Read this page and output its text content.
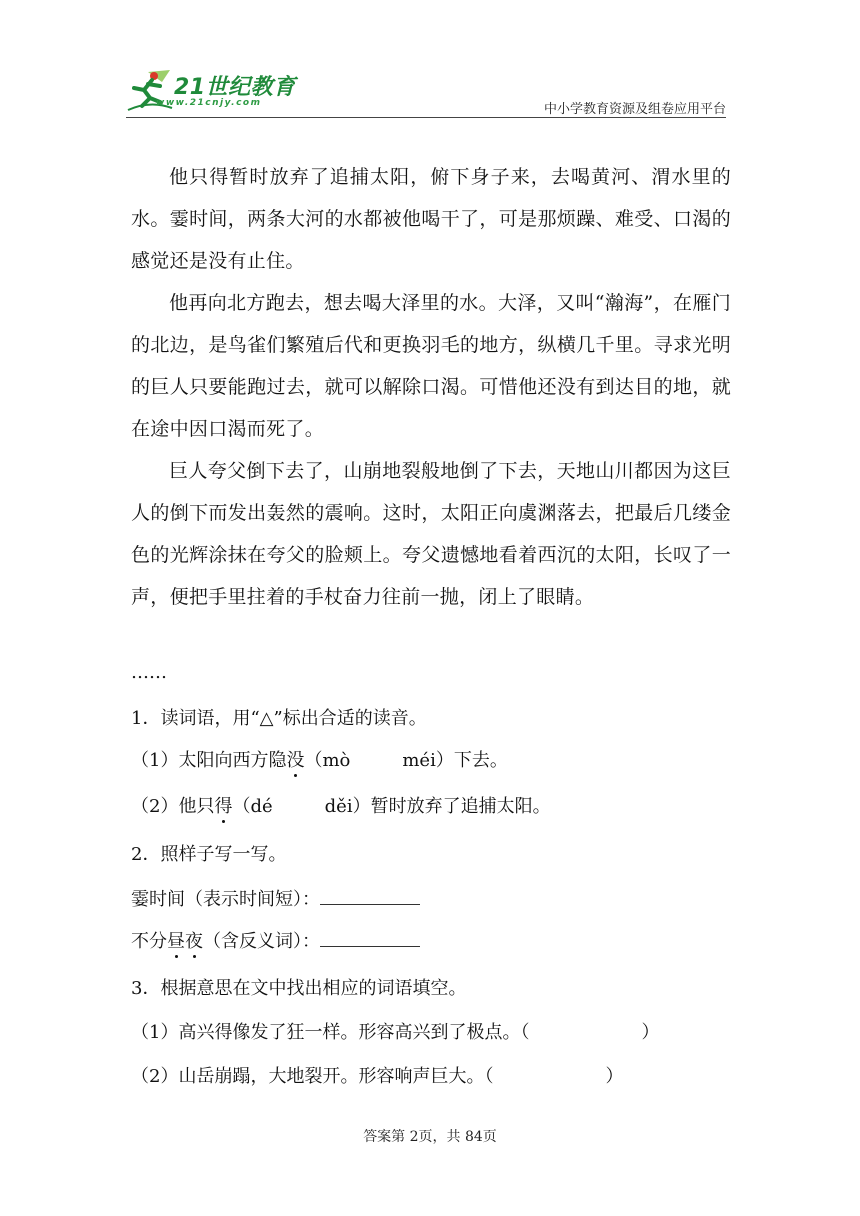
21世纪教育
www.21cnjy.com	中小学教育资源及组卷应用平台

他只得暂时放弃了追捕太阳，俯下身子来，去喝黄河、渭水里的水。霎时间，两条大河的水都被他喝干了，可是那烦躁、难受、口渴的感觉还是没有止住。

他再向北方跑去，想去喝大泽里的水。大泽，又叫“瀚海”，在雁门的北边，是鸟雀们繁殖后代和更换羽毛的地方，纵横几千里。寻求光明的巨人只要能跑过去，就可以解除口渴。可惜他还没有到达目的地，就在途中因口渴而死了。

巨人夸父倒下去了，山崩地裂般地倒了下去，天地山川都因为这巨人的倒下而发出轰然的震响。这时，太阳正向虞渊落去，把最后几缕金色的光辉涂抹在夸父的脸颊上。夸父遗憾地看着西沉的太阳，长叹了一声，便把手里拄着的手杖奋力往前一抛，闭上了眼睛。

……
1．读词语，用“△”标出合适的读音。
（1）太阳向西方隐没（mò	méi）下去。
（2）他只得（dé	děi）暂时放弃了追捕太阳。
2．照样子写一写。
霎时间（表示时间短）：
不分昼夜（含反义词）：
3．根据意思在文中找出相应的词语填空。
（1）高兴得像发了狂一样。形容高兴到了极点。（	）
（2）山岳崩蹋，大地裂开。形容响声巨大。（	）
答案第 2页，共 84页
